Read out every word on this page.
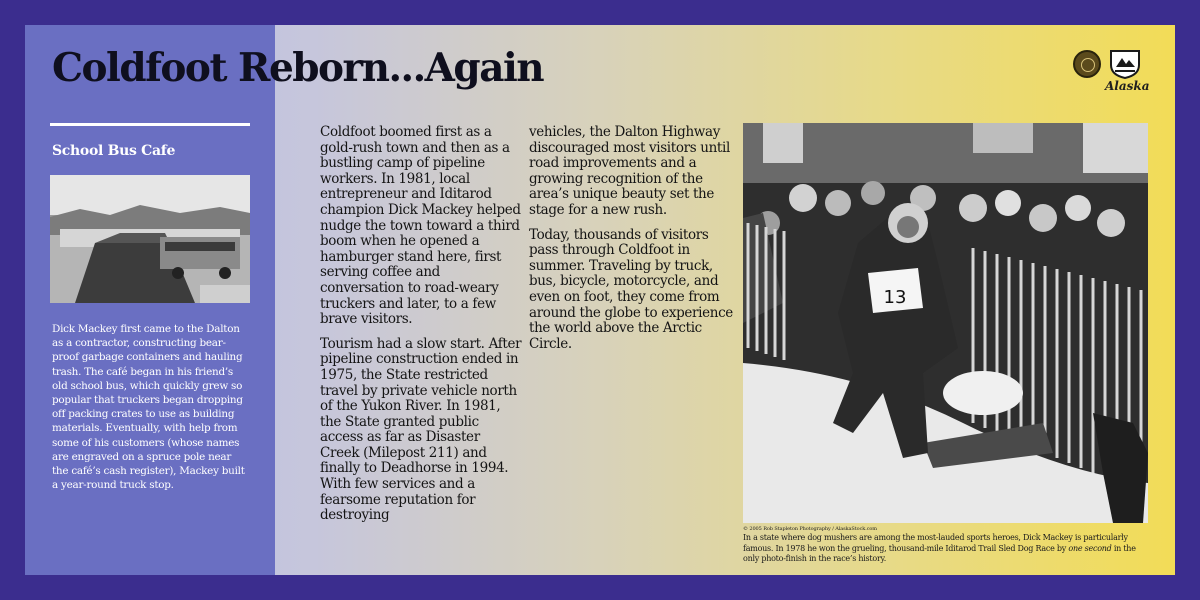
Coldfoot Reborn...Again
School Bus Cafe

Dick Mackey first came to the Dalton as a contractor, constructing bear-proof garbage containers and hauling trash. The café began in his friend’s old school bus, which quickly grew so popular that truckers began dropping off packing crates to use as building materials. Eventually, with help from some of his customers (whose names are engraved on a spruce pole near the café’s cash register), Mackey built a year-round truck stop.

Coldfoot boomed first as a gold-rush town and then as a bustling camp of pipeline workers. In 1981, local entrepreneur and Iditarod champion Dick Mackey helped nudge the town toward a third boom when he opened a hamburger stand here, first serving coffee and conversation to road-weary truckers and later, to a few brave visitors.

Tourism had a slow start. After pipeline construction ended in 1975, the State restricted travel by private vehicle north of the Yukon River. In 1981, the State granted public access as far as Disaster Creek (Milepost 211) and finally to Deadhorse in 1994. With few services and a fearsome reputation for destroying

vehicles, the Dalton Highway discouraged most visitors until road improvements and a growing recognition of the area’s unique beauty set the stage for a new rush.

Today, thousands of visitors pass through Coldfoot in summer. Traveling by truck, bus, bicycle, motorcycle, and even on foot, they come from around the globe to experience the world above the Arctic Circle.

Alaska
13
© 2005 Rob Stapleton Photography / AlaskaStock.com

In a state where dog mushers are among the most-lauded sports heroes, Dick Mackey is particularly famous. In 1978 he won the grueling, thousand-mile Iditarod Trail Sled Dog Race by one second in the only photo-finish in the race’s history.
